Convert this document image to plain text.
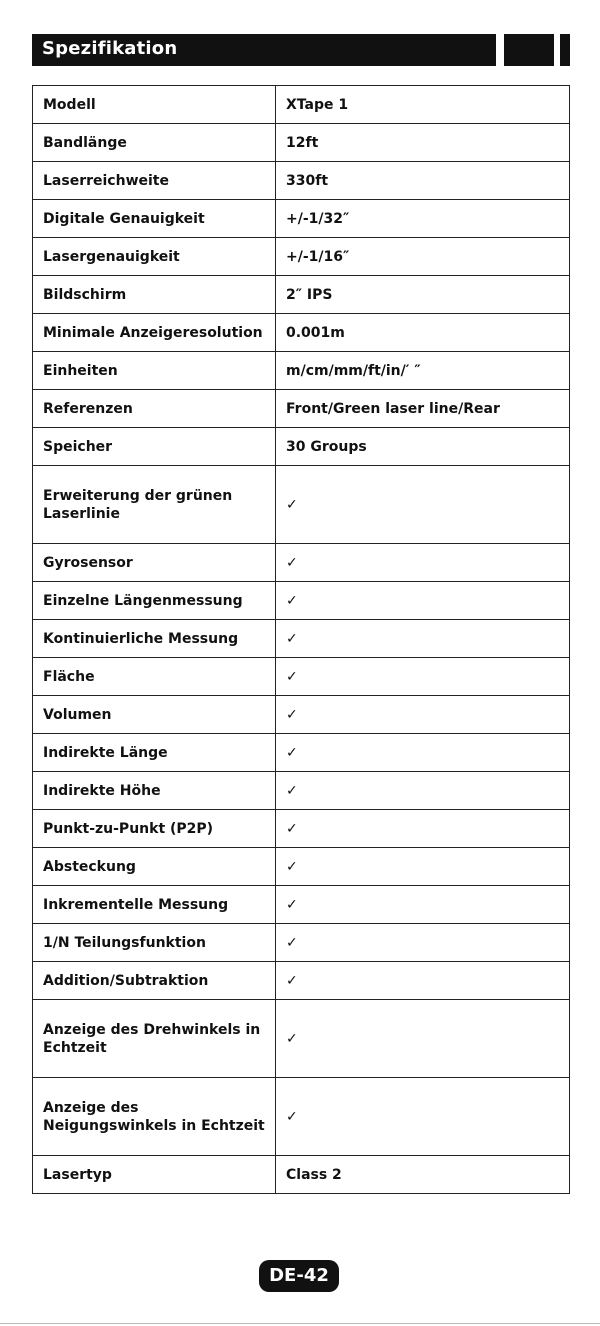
Spezifikation
Modell	XTape 1
Bandlänge	12ft
Laserreichweite	330ft
Digitale Genauigkeit	+/-1/32″
Lasergenauigkeit	+/-1/16″
Bildschirm	2″ IPS
Minimale Anzeigeresolution	0.001m
Einheiten	m/cm/mm/ft/in/′ ″
Referenzen	Front/Green laser line/Rear
Speicher	30 Groups
Erweiterung der grünen Laserlinie	✓
Gyrosensor	✓
Einzelne Längenmessung	✓
Kontinuierliche Messung	✓
Fläche	✓
Volumen	✓
Indirekte Länge	✓
Indirekte Höhe	✓
Punkt-zu-Punkt (P2P)	✓
Absteckung	✓
Inkrementelle Messung	✓
1/N Teilungsfunktion	✓
Addition/Subtraktion	✓
Anzeige des Drehwinkels in Echtzeit	✓
Anzeige des Neigungswinkels in Echtzeit	✓
Lasertyp	Class 2
DE-42
